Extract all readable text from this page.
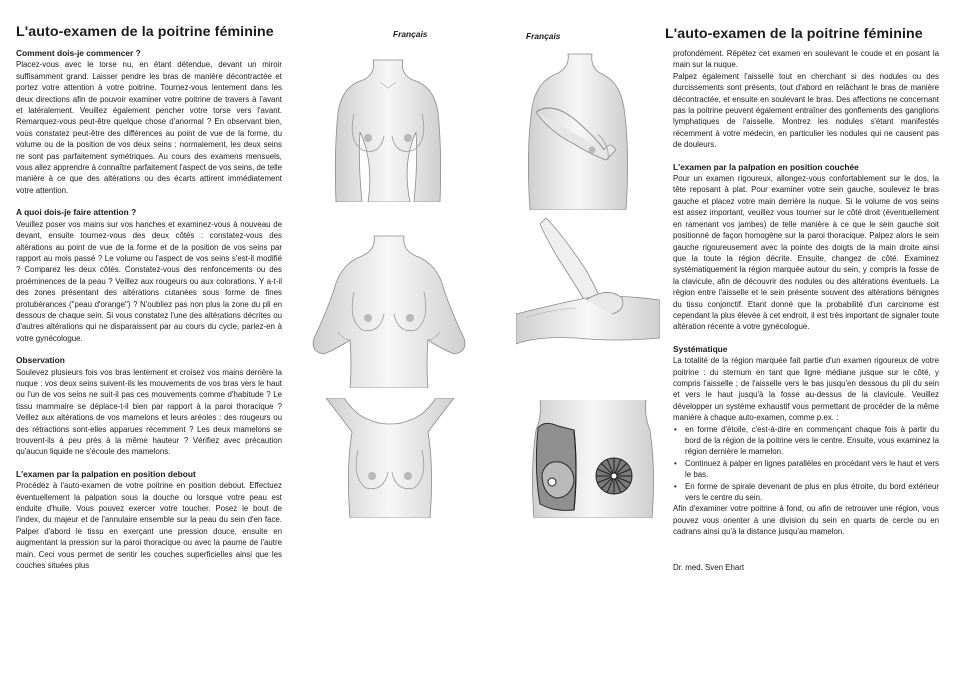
L'auto-examen de la poitrine féminine	Français	Français	L'auto-examen de la poitrine féminine
Comment dois-je commencer ?

Placez-vous avec le torse nu, en étant détendue, devant un miroir suffisamment grand. Laisser pendre les bras de manière décontractée et portez votre attention à votre poitrine. Tournez-vous lentement dans les deux directions afin de pouvoir examiner votre poitrine de travers à l'avant et latéralement. Veuillez également pencher votre torse vers l'avant. Remarquez-vous peut-être quelque chose d'anormal ? En observant bien, vous constatez peut-être des différences au point de vue de la forme, du volume ou de la position de vos deux seins : normalement, les deux seins ne sont pas parfaitement symétriques. Au cours des examens mensuels, vous allez apprendre à connaître parfaitement l'aspect de vos seins, de telle manière à ce que des altérations ou des écarts attirent immédiatement votre attention.

A quoi dois-je faire attention ?

Veuillez poser vos mains sur vos hanches et examinez-vous à nouveau de devant, ensuite tournez-vous des deux côtés : constatez-vous des altérations au point de vue de la forme et de la position de vos seins par rapport au mois passé ? Le volume ou l'aspect de vos seins s'est-il modifié ? Comparez les deux côtés. Constatez-vous des renfoncements ou des proéminences de la peau ? Veillez aux rougeurs ou aux colorations. Y a-t-il des zones présentant des altérations cutanées sous forme de fines protubérances ("peau d'orange") ? N'oubliez pas non plus la zone du pli en dessous de chaque sein. Si vous constatez l'une des altérations décrites ou d'autres altérations qui ne disparaissent par au cours du cycle, parlez-en à votre gynécologue.

Observation

Soulevez plusieurs fois vos bras lentement et croisez vos mains derrière la nuque : vos deux seins suivent-ils les mouvements de vos bras vers le haut ou l'un de vos seins ne suit-il pas ces mouvements comme d'habitude ? Le tissu mammaire se déplace-t-il bien par rapport à la paroi thoracique ? Veillez aux altérations de vos mamelons et leurs aréoles : des rougeurs ou des rétractions sont-elles apparues récemment ? Les deux mamelons se trouvent-ils à peu près à la même hauteur ? Vérifiez avec précaution qu'aucun liquide ne s'écoule des mamelons.

L'examen par la palpation en position debout

Procédez à l'auto-examen de votre poitrine en position debout. Effectuez éventuellement la palpation sous la douche ou lorsque votre peau est enduite d'huile. Vous pouvez exercer votre toucher. Posez le bout de l'index, du majeur et de l'annulaire ensemble sur la peau du sein d'en face. Palper d'abord le tissu en exerçant une pression douce, ensuite en augmentant la pression sur la paroi thoracique ou avec la paume de l'autre main. Ceci vous permet de sentir les couches superficielles ainsi que les couches situées plus

profondément. Répétez cet examen en soulevant le coude et en posant la main sur la nuque.

Palpez également l'aisselle tout en cherchant si des nodules ou des durcissements sont présents, tout d'abord en relâchant le bras de manière décontractée, et ensuite en soulevant le bras. Des affections ne concernant pas la poitrine peuvent également entraîner des gonflements des ganglions lymphatiques de l'aisselle. Montrez les nodules s'étant manifestés récemment à votre médecin, en particulier les nodules qui ne causent pas de douleurs.

L'examen par la palpation en position couchée

Pour un examen rigoureux, allongez-vous confortablement sur le dos, la tête reposant à plat. Pour examiner votre sein gauche, soulevez le bras gauche et placez votre main derrière la nuque. Si le volume de vos seins est assez important, veuillez vous tourner sur le côté droit (éventuellement en ramenant vos jambes) de telle manière à ce que le sein gauche soit positionné de façon homogène sur la paroi thoracique. Palpez alors le sein gauche rigoureusement avec la pointe des doigts de la main droite ainsi que la toute la région décrite. Ensuite, changez de côté. Examinez systématiquement la région marquée autour du sein, y compris la fosse de la clavicule, afin de découvrir des nodules ou des altérations éventuels. La région entre l'aisselle et le sein présente souvent des altérations bénignes du tissu conjonctif. Etant donné que la probabilité d'un carcinome est cependant la plus élevée à cet endroit, il est très important de signaler toute altération récente à votre gynécologue.

Systématique

La totalité de la région marquée fait partie d'un examen rigoureux de votre poitrine : du sternum en tant que ligne médiane jusque sur le côté, y compris l'aisselle ; de l'aisselle vers le bas jusqu'en dessous du pli du sein et vers le haut jusqu'à la fosse au-dessus de la clavicule. Veuillez développer un système exhaustif vous permettant de procéder de la même manière à chaque auto-examen, comme p.ex. :

• en forme d'étoile, c'est-à-dire en commençant chaque fois à partir du bord de la région de la poitrine vers le centre. Ensuite, vous examinez la région dernière le mamelon.
• Continuez à palper en lignes parallèles en procédant vers le haut et vers le bas.
• En forme de spirale devenant de plus en plus étroite, du bord extérieur vers le centre du sein.

Afin d'examiner votre poitrine à fond, ou afin de retrouver une région, vous pouvez vous orienter à une division du sein en quarts de cercle ou en cadrans ainsi qu'à la distance jusqu'au mamelon.

Dr. med. Sven Ehart
